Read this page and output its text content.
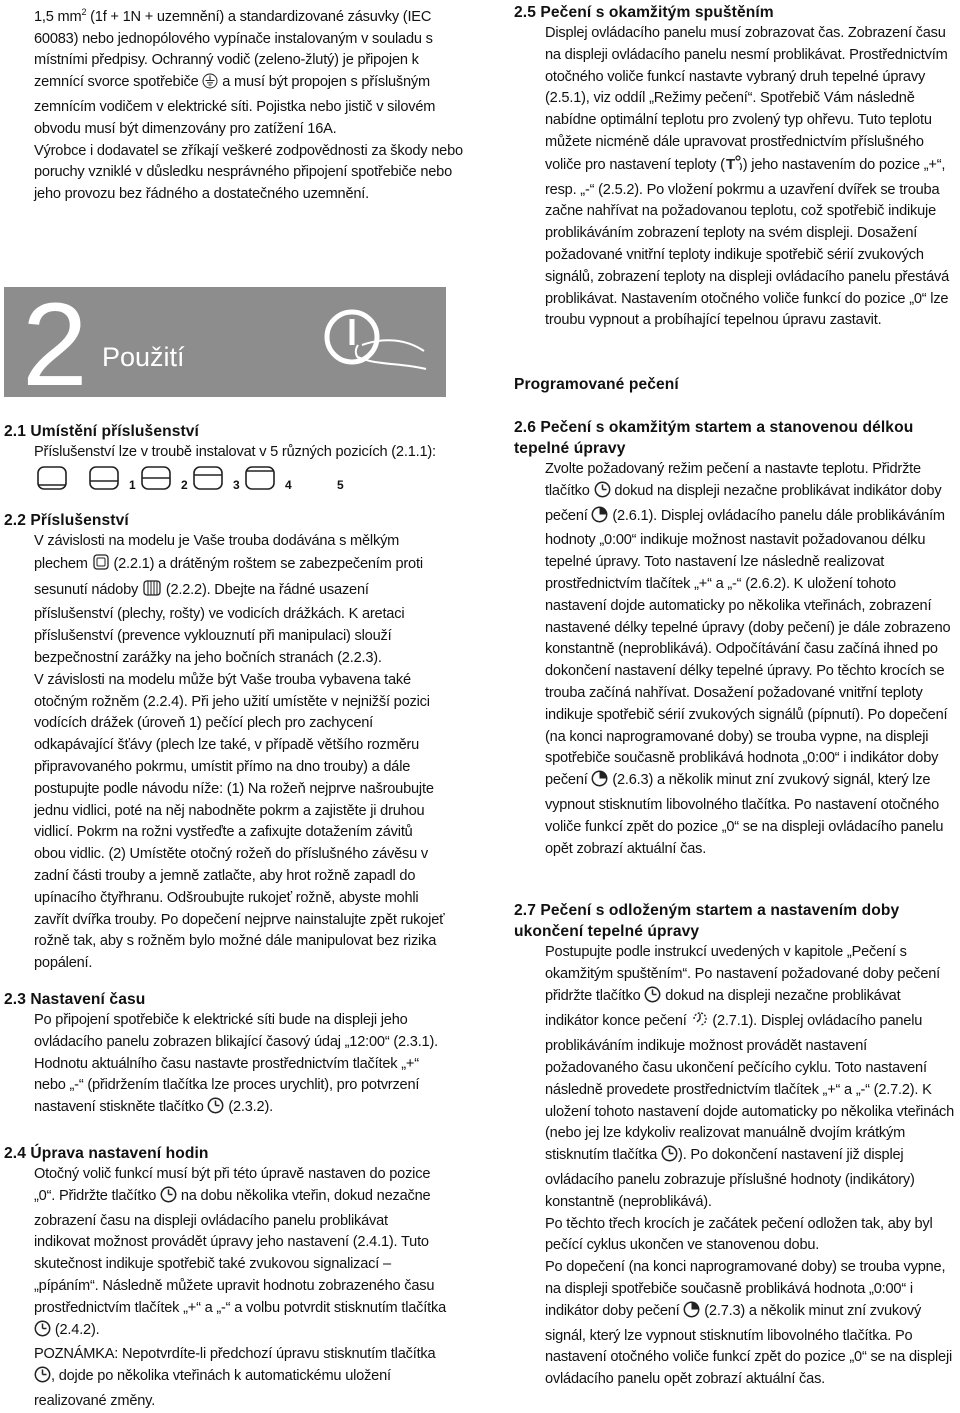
1,5 $mm^2$ (1f + 1N + uzemnění) a standardizované zásuvky (IEC 60083) nebo jednopólového vypínače instalovaným v souladu s místními předpisy. Ochranný vodič (zeleno-žlutý) je připojen k zemnící svorce spotřebiče  a musí být propojen s příslušným zemnícím vodičem v elektrické síti. Pojistka nebo jistič v silovém obvodu musí být dimenzovány pro zatížení 16A.

Výrobce i dodavatel se zříkají veškeré zodpovědnosti za škody nebo poruchy vzniklé v důsledku nesprávného připojení spotřebiče nebo jeho provozu bez řádného a dostatečného uzemnění.

2 Použití

2.1 Umístění příslušenství

Příslušenství lze v troubě instalovat v 5 různých pozicích (2.1.1):

1	2	3	4	5

2.2 Příslušenství

V závislosti na modelu je Vaše trouba dodávána s mělkým plechem  (2.2.1) a drátěným roštem se zabezpečením proti sesunutí nádoby  (2.2.2). Dbejte na řádné usazení příslušenství (plechy, rošty) ve vodicích drážkách. K aretaci příslušenství (prevence vyklouznutí při manipulaci) slouží bezpečnostní zarážky na jeho bočních stranách (2.2.3).

V závislosti na modelu může být Vaše trouba vybavena také otočným rožněm (2.2.4). Při jeho užití umístěte v nejnižší pozici vodících drážek (úroveň 1) pečící plech pro zachycení odkapávající šťávy (plech lze také, v případě většího rozměru připravovaného pokrmu, umístit přímo na dno trouby) a dále postupujte podle návodu níže: (1) Na rožeň nejprve našroubujte jednu vidlici, poté na něj nabodněte pokrm a zajistěte ji druhou vidlicí. Pokrm na rožni vystřeďte a zafixujte dotažením závitů obou vidlic. (2) Umístěte otočný rožeň do příslušného závěsu v zadní části trouby a jemně zatlačte, aby hrot rožně zapadl do upínacího čtyřhranu. Odšroubujte rukojeť rožně, abyste mohli zavřít dvířka trouby. Po dopečení nejprve nainstalujte zpět rukojeť rožně tak, aby s rožněm bylo možné dále manipulovat bez rizika popálení.

2.3 Nastavení času

Po připojení spotřebiče k elektrické síti bude na displeji jeho ovládacího panelu zobrazen blikající časový údaj „12:00“ (2.3.1). Hodnotu aktuálního času nastavte prostřednictvím tlačítek „+“ nebo „-“ (přidržením tlačítka lze proces urychlit), pro potvrzení nastavení stiskněte tlačítko  (2.3.2).

2.4 Úprava nastavení hodin

Otočný volič funkcí musí být při této úpravě nastaven do pozice „0“. Přidržte tlačítko  na dobu několika vteřin, dokud nezačne zobrazení času na displeji ovládacího panelu problikávat indikovat možnost provádět úpravy jeho nastavení (2.4.1). Tuto skutečnost indikuje spotřebič také zvukovou signalizací – „pípáním“. Následně můžete upravit hodnotu zobrazeného času prostřednictvím tlačítek „+“ a „-“ a volbu potvrdit stisknutím tlačítka  (2.4.2).

POZNÁMKA: Nepotvrdíte-li předchozí úpravu stisknutím tlačítka , dojde po několika vteřinách k automatickému uložení realizované změny.

2.5 Pečení s okamžitým spuštěním

Displej ovládacího panelu musí zobrazovat čas. Zobrazení času na displeji ovládacího panelu nesmí problikávat. Prostřednictvím otočného voliče funkcí nastavte vybraný druh tepelné úpravy (2.5.1), viz oddíl „Režimy pečení“. Spotřebič Vám následně nabídne optimální teplotu pro zvolený typ ohřevu. Tuto teplotu můžete nicméně dále upravovat prostřednictvím příslušného voliče pro nastavení teploty ( T ) jeho nastavením do pozice „+“, resp. „-“ (2.5.2). Po vložení pokrmu a uzavření dvířek se trouba začne nahřívat na požadovanou teplotu, což spotřebič indikuje problikáváním zobrazení teploty na svém displeji. Dosažení požadované vnitřní teploty indikuje spotřebič sérií zvukových signálů, zobrazení teploty na displeji ovládacího panelu přestává problikávat. Nastavením otočného voliče funkcí do pozice „0“ lze troubu vypnout a probíhající tepelnou úpravu zastavit.

Programované pečení

2.6 Pečení s okamžitým startem a stanovenou délkou tepelné úpravy

Zvolte požadovaný režim pečení a nastavte teplotu. Přidržte tlačítko  dokud na displeji nezačne problikávat indikátor doby pečení  (2.6.1). Displej ovládacího panelu dále problikáváním hodnoty „0:00“ indikuje možnost nastavit požadovanou délku tepelné úpravy. Toto nastavení lze následně realizovat prostřednictvím tlačítek „+“ a „-“ (2.6.2). K uložení tohoto nastavení dojde automaticky po několika vteřinách, zobrazení nastavené délky tepelné úpravy (doby pečení) je dále zobrazeno konstantně (neproblikává). Odpočítávání času začíná ihned po dokončení nastavení délky tepelné úpravy. Po těchto krocích se trouba začíná nahřívat. Dosažení požadované vnitřní teploty indikuje spotřebič sérií zvukových signálů (pípnutí). Po dopečení (na konci naprogramované doby) se trouba vypne, na displeji spotřebiče současně problikává hodnota „0:00“ i indikátor doby pečení  (2.6.3) a několik minut zní zvukový signál, který lze vypnout stisknutím libovolného tlačítka. Po nastavení otočného voliče funkcí zpět do pozice „0“ se na displeji ovládacího panelu opět zobrazí aktuální čas.

2.7 Pečení s odloženým startem a nastavením doby ukončení tepelné úpravy

Postupujte podle instrukcí uvedených v kapitole „Pečení s okamžitým spuštěním“. Po nastavení požadované doby pečení přidržte tlačítko  dokud na displeji nezačne problikávat indikátor konce pečení  (2.7.1). Displej ovládacího panelu problikáváním indikuje možnost provádět nastavení požadovaného času ukončení pečícího cyklu. Toto nastavení následně provedete prostřednictvím tlačítek „+“ a „-“ (2.7.2). K uložení tohoto nastavení dojde automaticky po několika vteřinách (nebo jej lze kdykoliv realizovat manuálně dvojím krátkým stisknutím tlačítka ). Po dokončení nastavení již displej ovládacího panelu zobrazuje příslušné hodnoty (indikátory) konstantně (neproblikává).

Po těchto třech krocích je začátek pečení odložen tak, aby byl pečící cyklus ukončen ve stanovenou dobu.

Po dopečení (na konci naprogramované doby) se trouba vypne, na displeji spotřebiče současně problikává hodnota „0:00“ i indikátor doby pečení  (2.7.3) a několik minut zní zvukový signál, který lze vypnout stisknutím libovolného tlačítka. Po nastavení otočného voliče funkcí zpět do pozice „0“ se na displeji ovládacího panelu opět zobrazí aktuální čas.
